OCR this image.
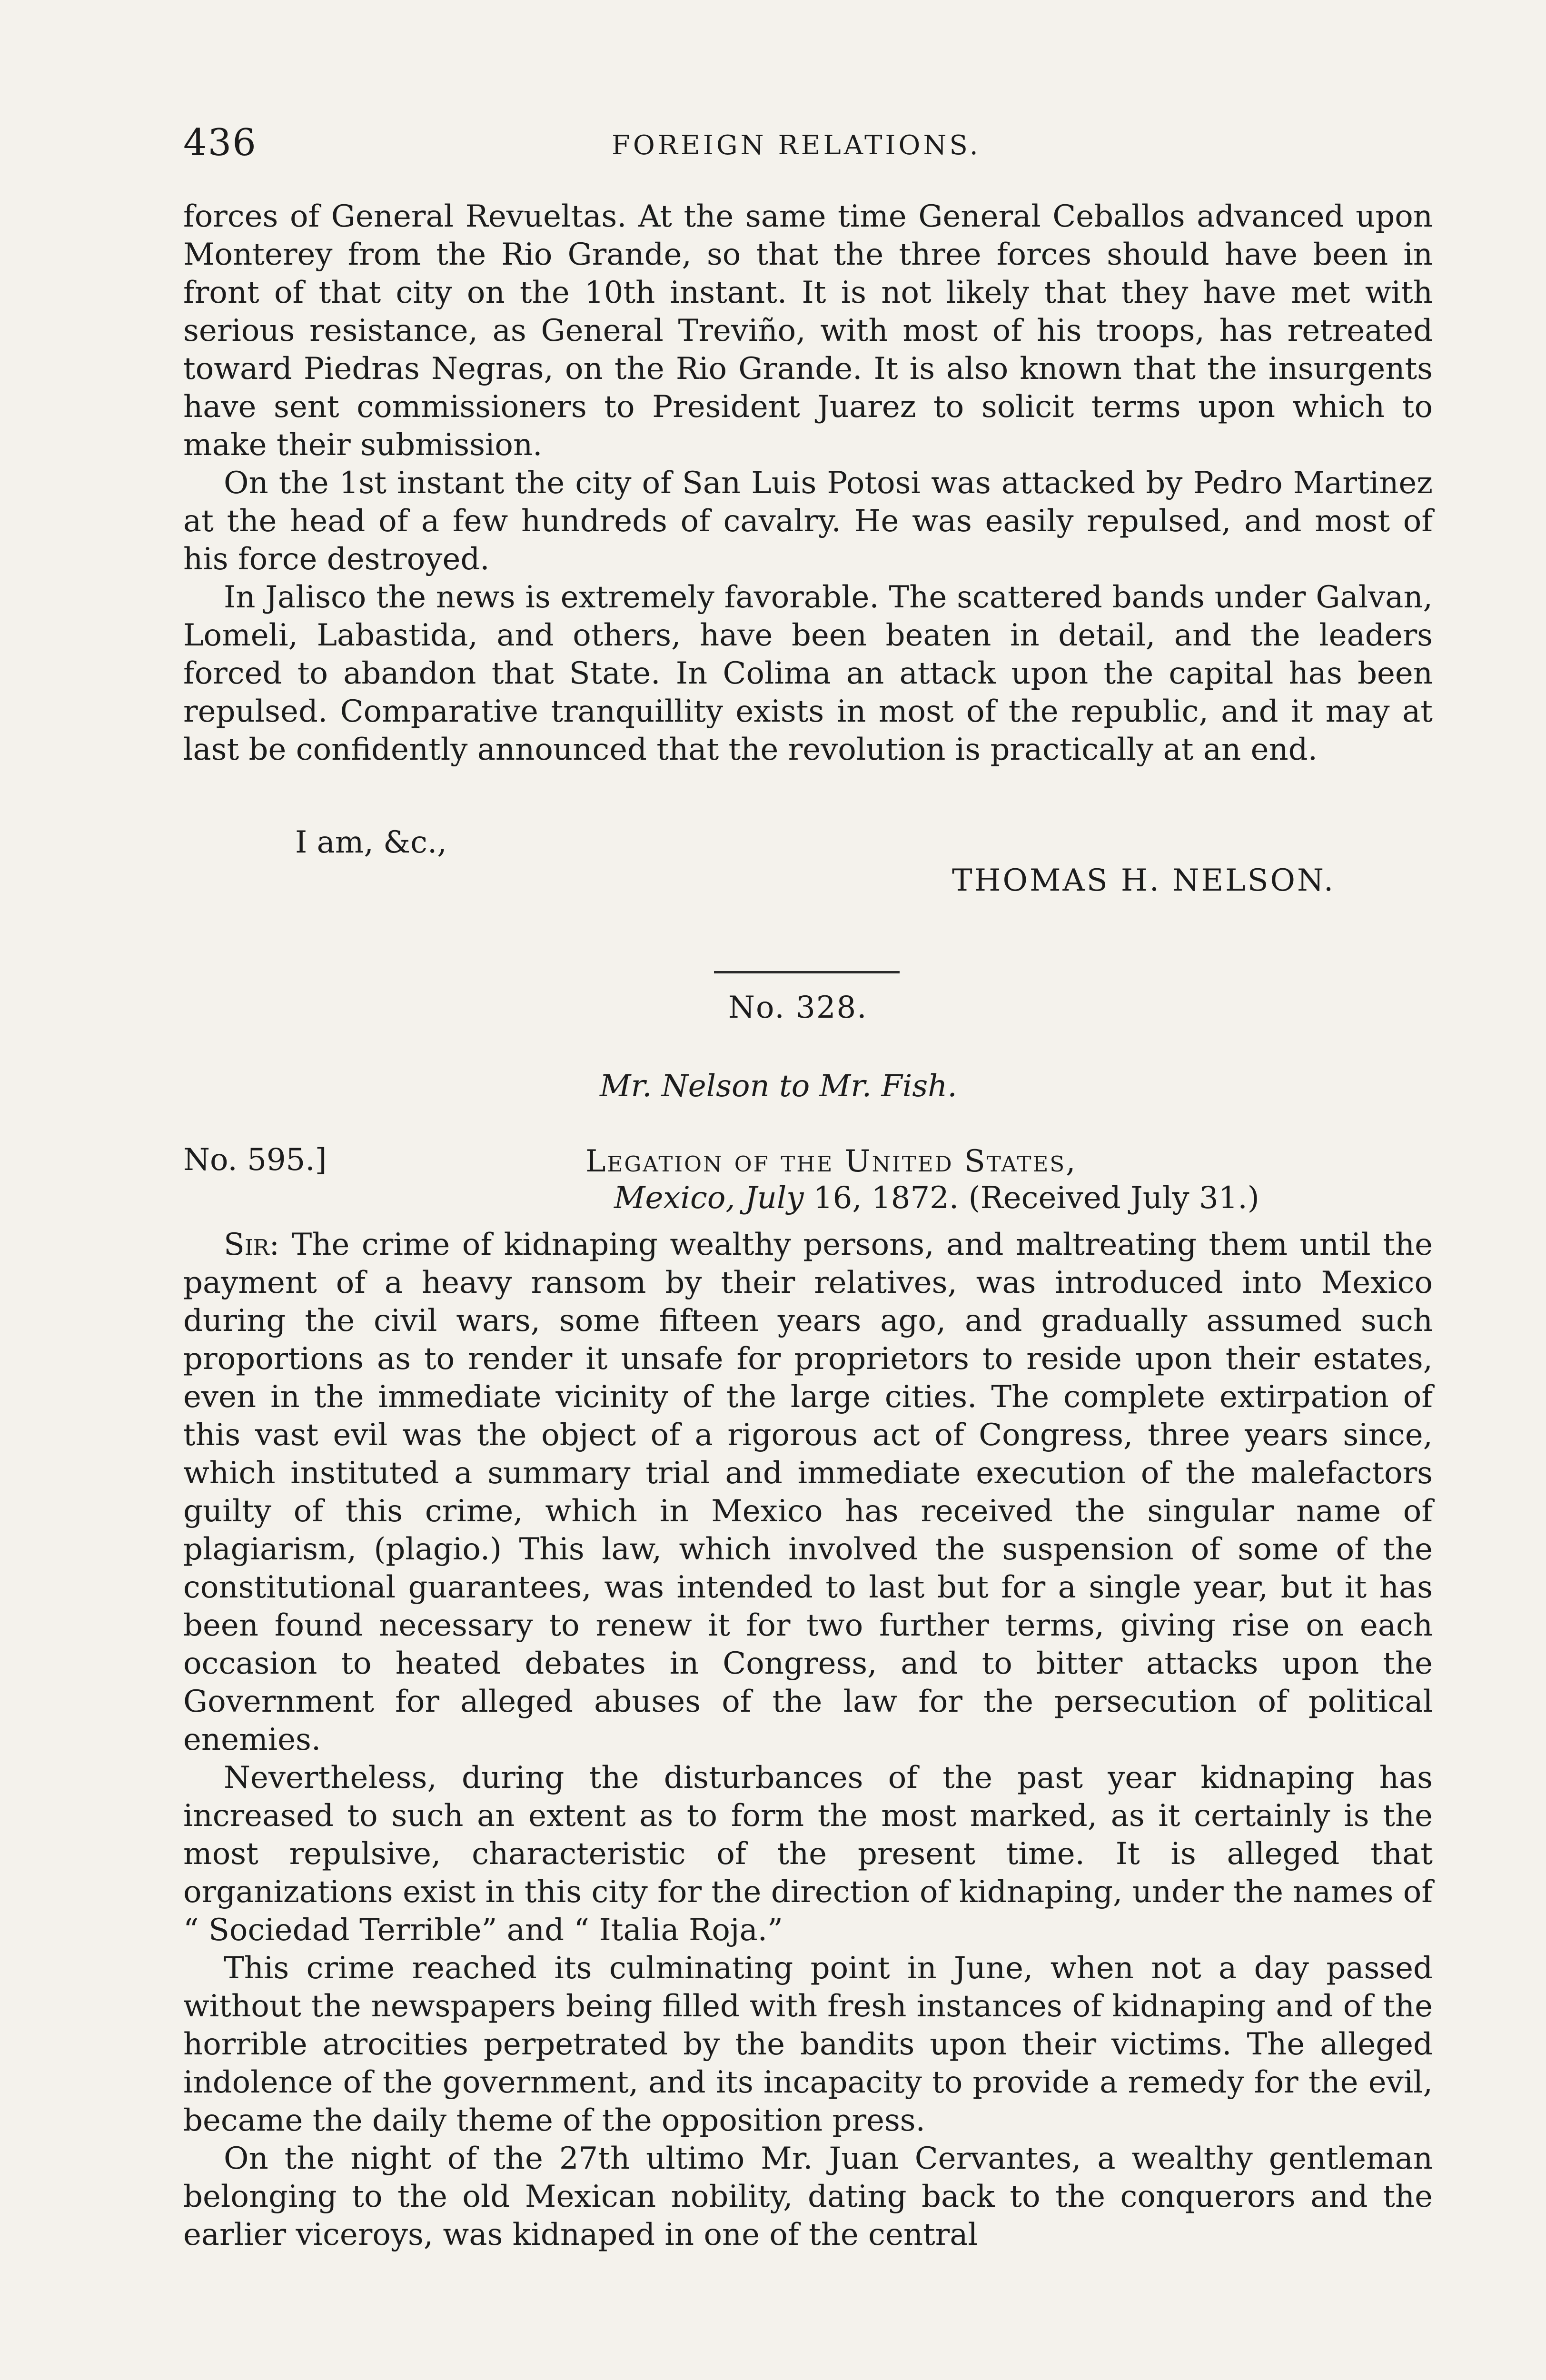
436	FOREIGN RELATIONS.

forces of General Revueltas. At the same time General Ceballos advanced upon Monterey from the Rio Grande, so that the three forces should have been in front of that city on the 10th instant. It is not likely that they have met with serious resistance, as General Treviño, with most of his troops, has retreated toward Piedras Negras, on the Rio Grande. It is also known that the insurgents have sent commissioners to President Juarez to solicit terms upon which to make their submission.

On the 1st instant the city of San Luis Potosi was attacked by Pedro Martinez at the head of a few hundreds of cavalry. He was easily repulsed, and most of his force destroyed.

In Jalisco the news is extremely favorable. The scattered bands under Galvan, Lomeli, Labastida, and others, have been beaten in detail, and the leaders forced to abandon that State. In Colima an attack upon the capital has been repulsed. Comparative tranquillity exists in most of the republic, and it may at last be confidently announced that the revolution is practically at an end.

I am, &c.,
THOMAS H. NELSON.
No. 328.
Mr. Nelson to Mr. Fish.
No. 595.]	Legation of the United States,
Mexico, July 16, 1872. (Received July 31.)

Sir: The crime of kidnaping wealthy persons, and maltreating them until the payment of a heavy ransom by their relatives, was introduced into Mexico during the civil wars, some fifteen years ago, and gradually assumed such proportions as to render it unsafe for proprietors to reside upon their estates, even in the immediate vicinity of the large cities. The complete extirpation of this vast evil was the object of a rigorous act of Congress, three years since, which instituted a summary trial and immediate execution of the malefactors guilty of this crime, which in Mexico has received the singular name of plagiarism, (plagio.) This law, which involved the suspension of some of the constitutional guarantees, was intended to last but for a single year, but it has been found necessary to renew it for two further terms, giving rise on each occasion to heated debates in Congress, and to bitter attacks upon the Government for alleged abuses of the law for the persecution of political enemies.

Nevertheless, during the disturbances of the past year kidnaping has increased to such an extent as to form the most marked, as it certainly is the most repulsive, characteristic of the present time. It is alleged that organizations exist in this city for the direction of kidnaping, under the names of “ Sociedad Terrible” and “ Italia Roja.”

This crime reached its culminating point in June, when not a day passed without the newspapers being filled with fresh instances of kidnaping and of the horrible atrocities perpetrated by the bandits upon their victims. The alleged indolence of the government, and its incapacity to provide a remedy for the evil, became the daily theme of the opposition press.

On the night of the 27th ultimo Mr. Juan Cervantes, a wealthy gentleman belonging to the old Mexican nobility, dating back to the conquerors and the earlier viceroys, was kidnaped in one of the central
